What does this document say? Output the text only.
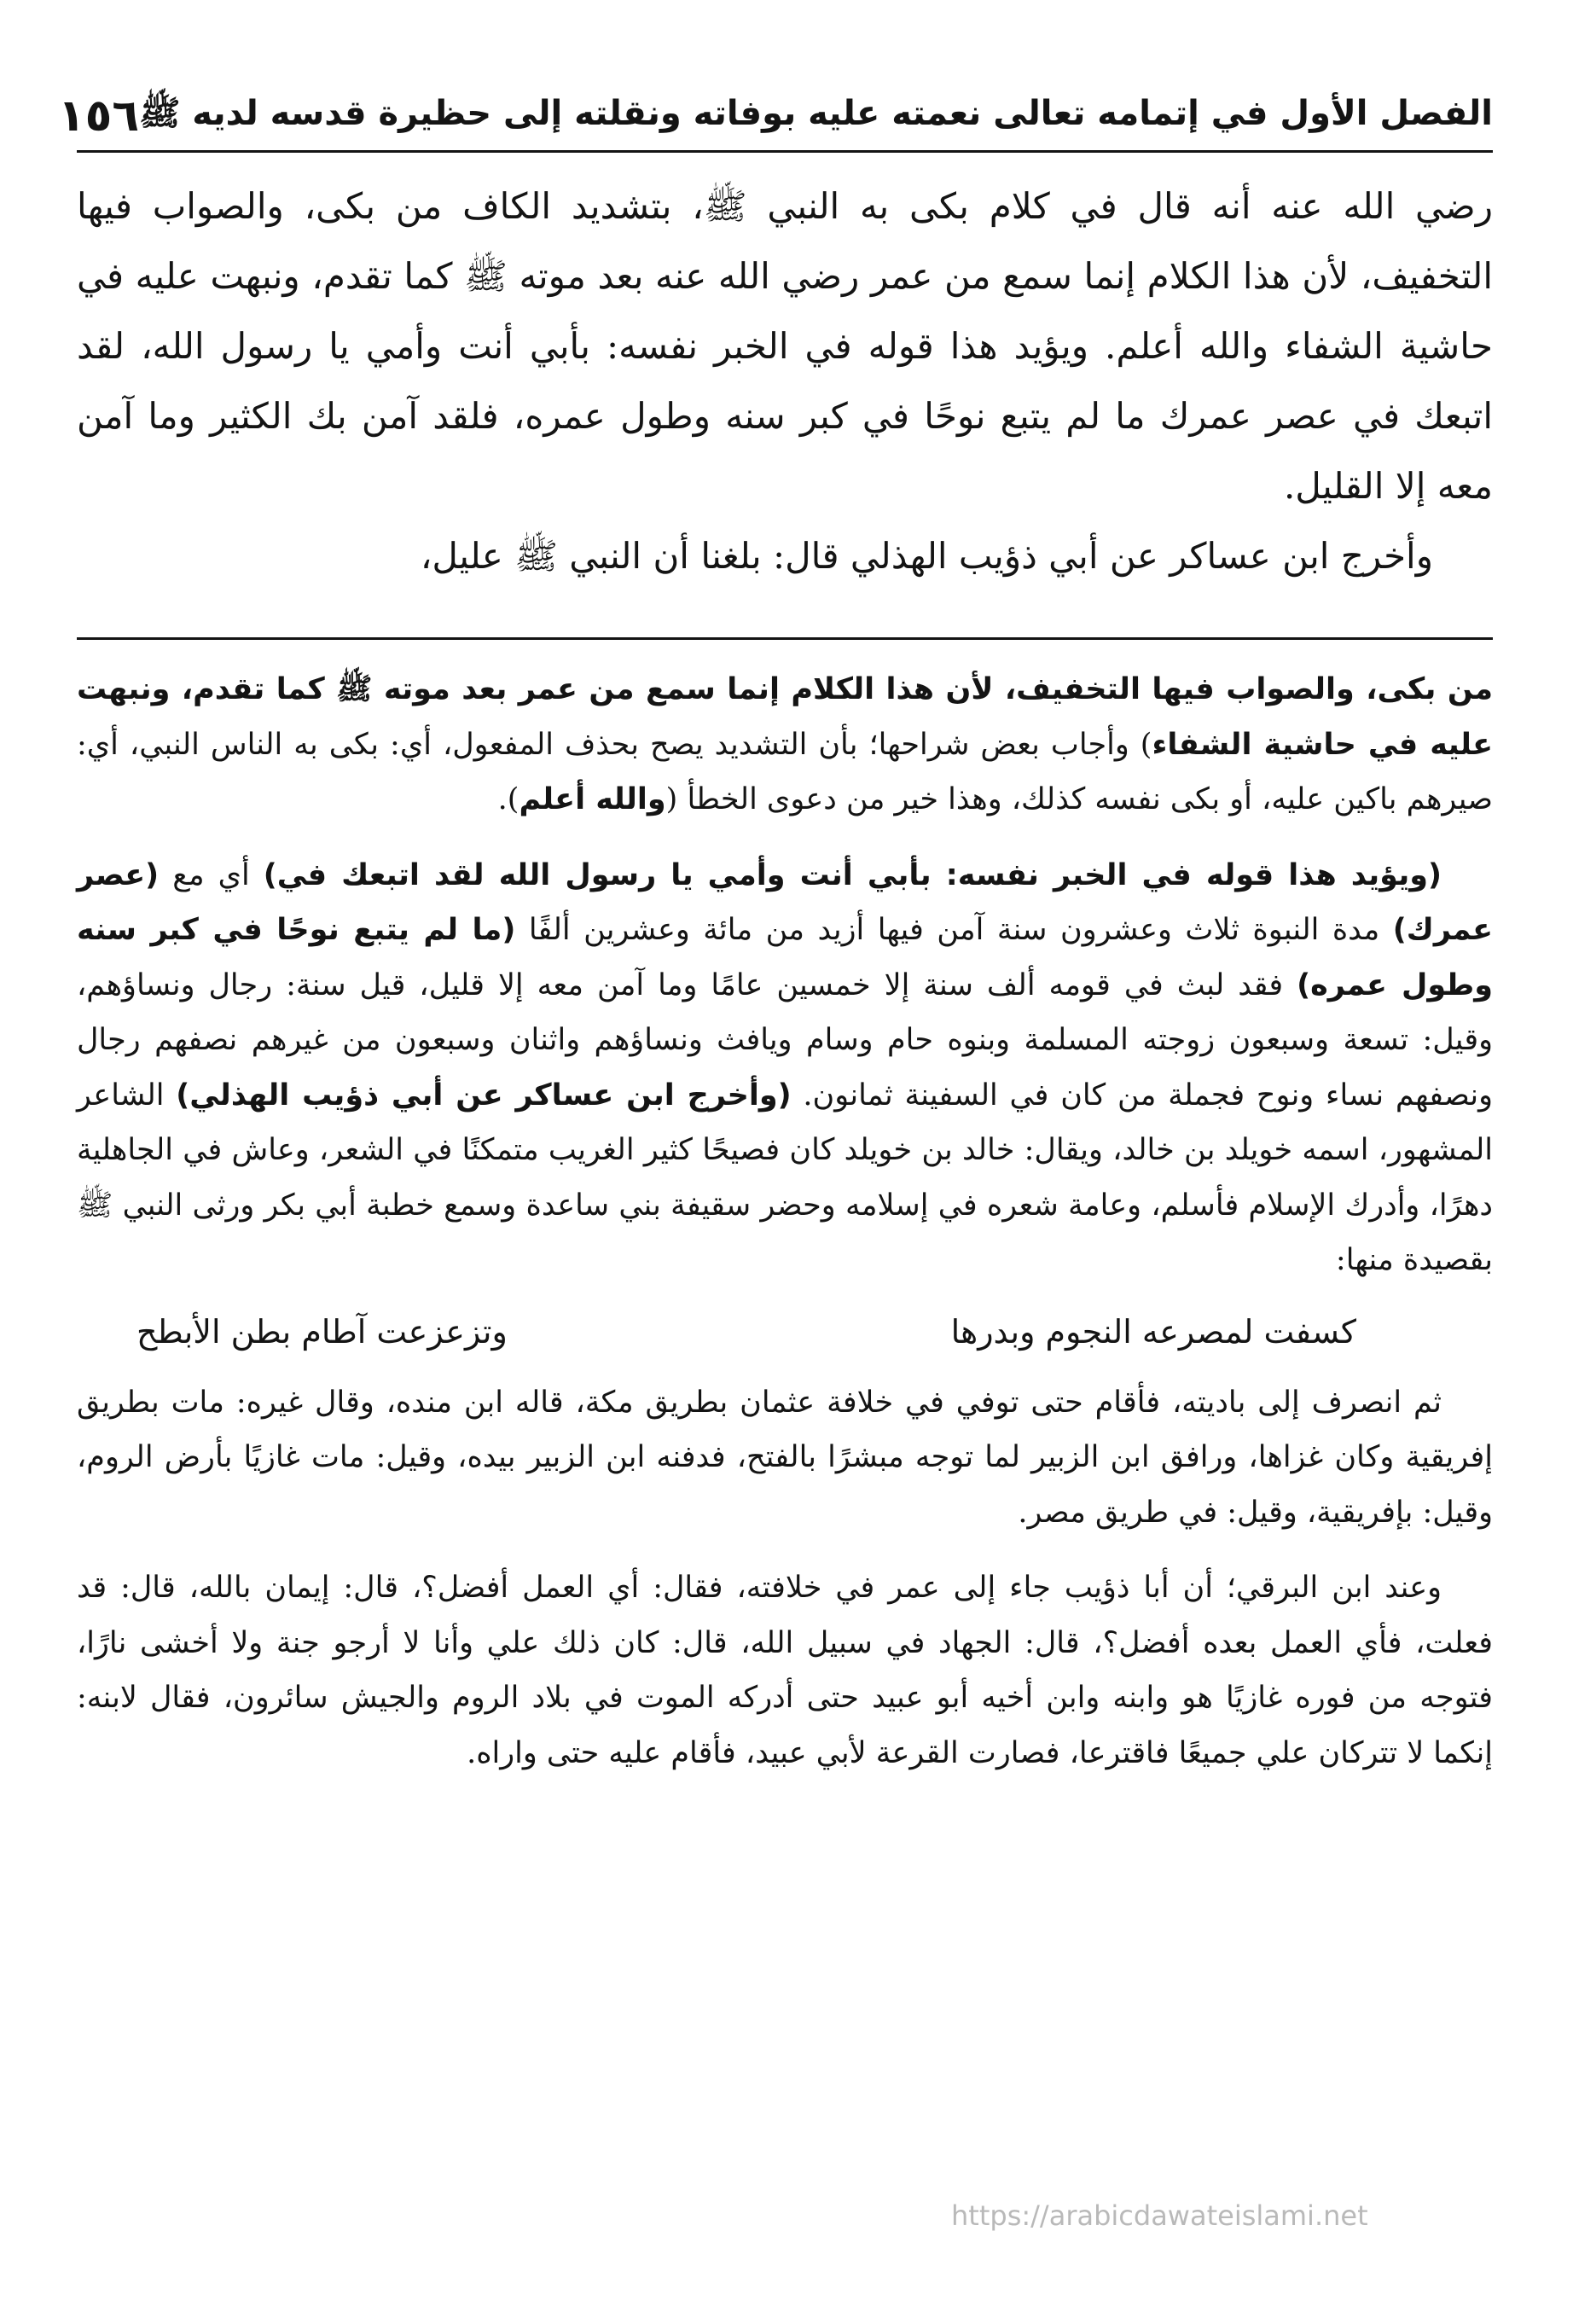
الفصل الأول في إتمامه تعالى نعمته عليه بوفاته ونقلته إلى حظيرة قدسه لديه ﷺ
١٥٦

رضي الله عنه أنه قال في كلام بكى به النبي ﷺ، بتشديد الكاف من بكى، والصواب فيها التخفيف، لأن هذا الكلام إنما سمع من عمر رضي الله عنه بعد موته ﷺ كما تقدم، ونبهت عليه في حاشية الشفاء والله أعلم. ويؤيد هذا قوله في الخبر نفسه: بأبي أنت وأمي يا رسول الله، لقد اتبعك في عصر عمرك ما لم يتبع نوحًا في كبر سنه وطول عمره، فلقد آمن بك الكثير وما آمن معه إلا القليل.

وأخرج ابن عساكر عن أبي ذؤيب الهذلي قال: بلغنا أن النبي ﷺ عليل،

من بكى، والصواب فيها التخفيف، لأن هذا الكلام إنما سمع من عمر بعد موته ﷺ كما تقدم، ونبهت عليه في حاشية الشفاء) وأجاب بعض شراحها؛ بأن التشديد يصح بحذف المفعول، أي: بكى به الناس النبي، أي: صيرهم باكين عليه، أو بكى نفسه كذلك، وهذا خير من دعوى الخطأ (والله أعلم).

(ويؤيد هذا قوله في الخبر نفسه: بأبي أنت وأمي يا رسول الله لقد اتبعك في) أي مع (عصر عمرك) مدة النبوة ثلاث وعشرون سنة آمن فيها أزيد من مائة وعشرين ألفًا (ما لم يتبع نوحًا في كبر سنه وطول عمره) فقد لبث في قومه ألف سنة إلا خمسين عامًا وما آمن معه إلا قليل، قيل سنة: رجال ونساؤهم، وقيل: تسعة وسبعون زوجته المسلمة وبنوه حام وسام ويافث ونساؤهم واثنان وسبعون من غيرهم نصفهم رجال ونصفهم نساء ونوح فجملة من كان في السفينة ثمانون. (وأخرج ابن عساكر عن أبي ذؤيب الهذلي) الشاعر المشهور، اسمه خويلد بن خالد، ويقال: خالد بن خويلد كان فصيحًا كثير الغريب متمكنًا في الشعر، وعاش في الجاهلية دهرًا، وأدرك الإسلام فأسلم، وعامة شعره في إسلامه وحضر سقيفة بني ساعدة وسمع خطبة أبي بكر ورثى النبي ﷺ بقصيدة منها:

كسفت لمصرعه النجوم وبدرها
وتزعزعت آطام بطن الأبطح

ثم انصرف إلى باديته، فأقام حتى توفي في خلافة عثمان بطريق مكة، قاله ابن منده، وقال غيره: مات بطريق إفريقية وكان غزاها، ورافق ابن الزبير لما توجه مبشرًا بالفتح، فدفنه ابن الزبير بيده، وقيل: مات غازيًا بأرض الروم، وقيل: بإفريقية، وقيل: في طريق مصر.

وعند ابن البرقي؛ أن أبا ذؤيب جاء إلى عمر في خلافته، فقال: أي العمل أفضل؟، قال: إيمان بالله، قال: قد فعلت، فأي العمل بعده أفضل؟، قال: الجهاد في سبيل الله، قال: كان ذلك علي وأنا لا أرجو جنة ولا أخشى نارًا، فتوجه من فوره غازيًا هو وابنه وابن أخيه أبو عبيد حتى أدركه الموت في بلاد الروم والجيش سائرون، فقال لابنه: إنكما لا تتركان علي جميعًا فاقترعا، فصارت القرعة لأبي عبيد، فأقام عليه حتى واراه.

https://arabicdawateislami.net
